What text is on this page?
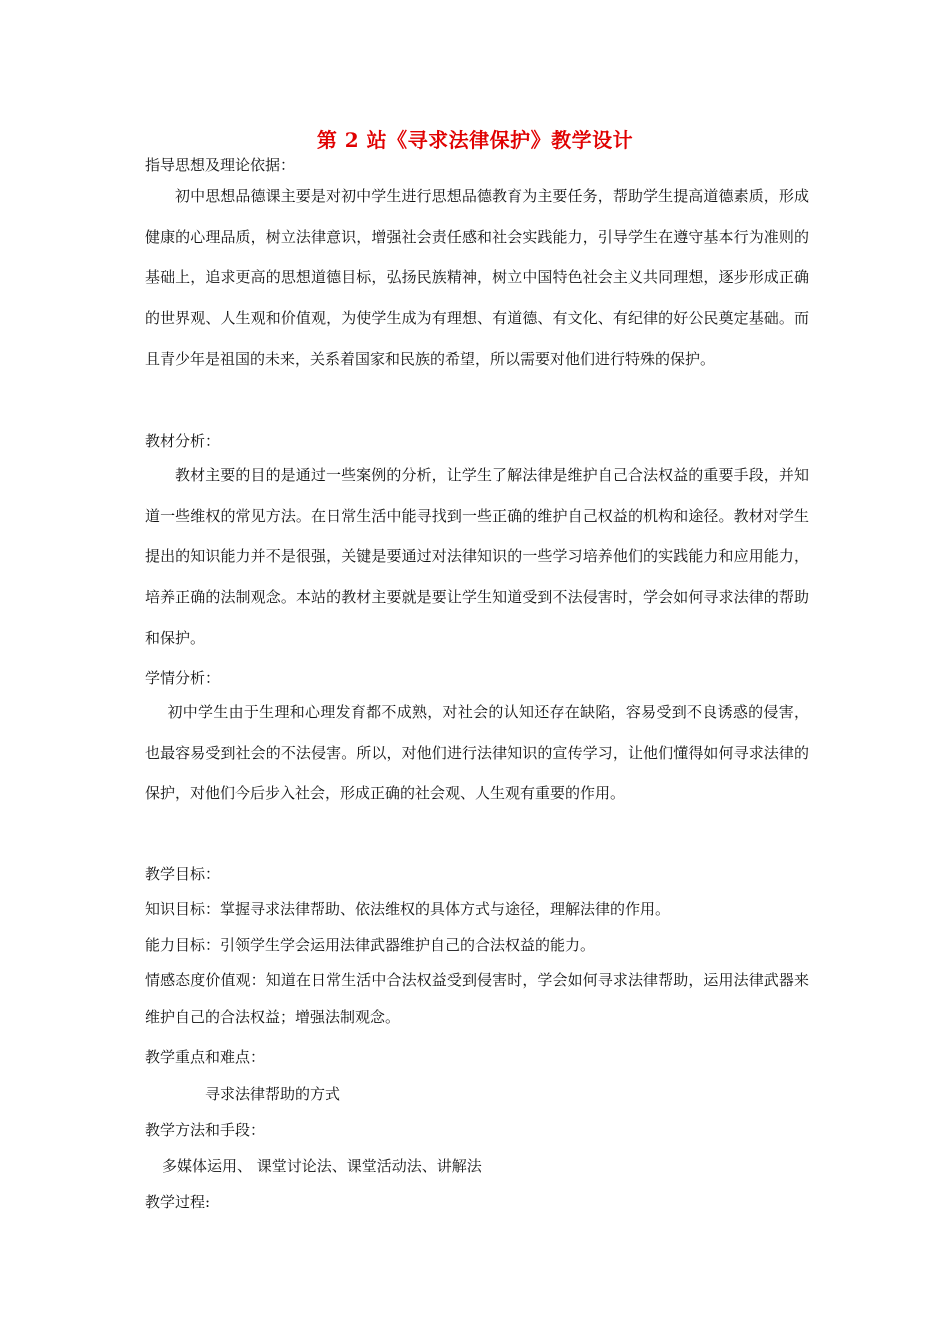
第 2 站《寻求法律保护》教学设计
指导思想及理论依据：
初中思想品德课主要是对初中学生进行思想品德教育为主要任务，帮助学生提高道德素质，形成健康的心理品质，树立法律意识，增强社会责任感和社会实践能力，引导学生在遵守基本行为准则的基础上，追求更高的思想道德目标，弘扬民族精神，树立中国特色社会主义共同理想，逐步形成正确的世界观、人生观和价值观，为使学生成为有理想、有道德、有文化、有纪律的好公民奠定基础。而且青少年是祖国的未来，关系着国家和民族的希望，所以需要对他们进行特殊的保护。
教材分析：
教材主要的目的是通过一些案例的分析，让学生了解法律是维护自己合法权益的重要手段，并知道一些维权的常见方法。在日常生活中能寻找到一些正确的维护自己权益的机构和途径。教材对学生提出的知识能力并不是很强，关键是要通过对法律知识的一些学习培养他们的实践能力和应用能力，培养正确的法制观念。本站的教材主要就是要让学生知道受到不法侵害时，学会如何寻求法律的帮助和保护。
学情分析：
初中学生由于生理和心理发育都不成熟，对社会的认知还存在缺陷，容易受到不良诱惑的侵害，也最容易受到社会的不法侵害。所以，对他们进行法律知识的宣传学习，让他们懂得如何寻求法律的保护，对他们今后步入社会，形成正确的社会观、人生观有重要的作用。
教学目标：
知识目标：掌握寻求法律帮助、依法维权的具体方式与途径，理解法律的作用。
能力目标：引领学生学会运用法律武器维护自己的合法权益的能力。
情感态度价值观：知道在日常生活中合法权益受到侵害时，学会如何寻求法律帮助，运用法律武器来维护自己的合法权益；增强法制观念。
教学重点和难点：
寻求法律帮助的方式
教学方法和手段：
多媒体运用、 课堂讨论法、课堂活动法、讲解法
教学过程:
